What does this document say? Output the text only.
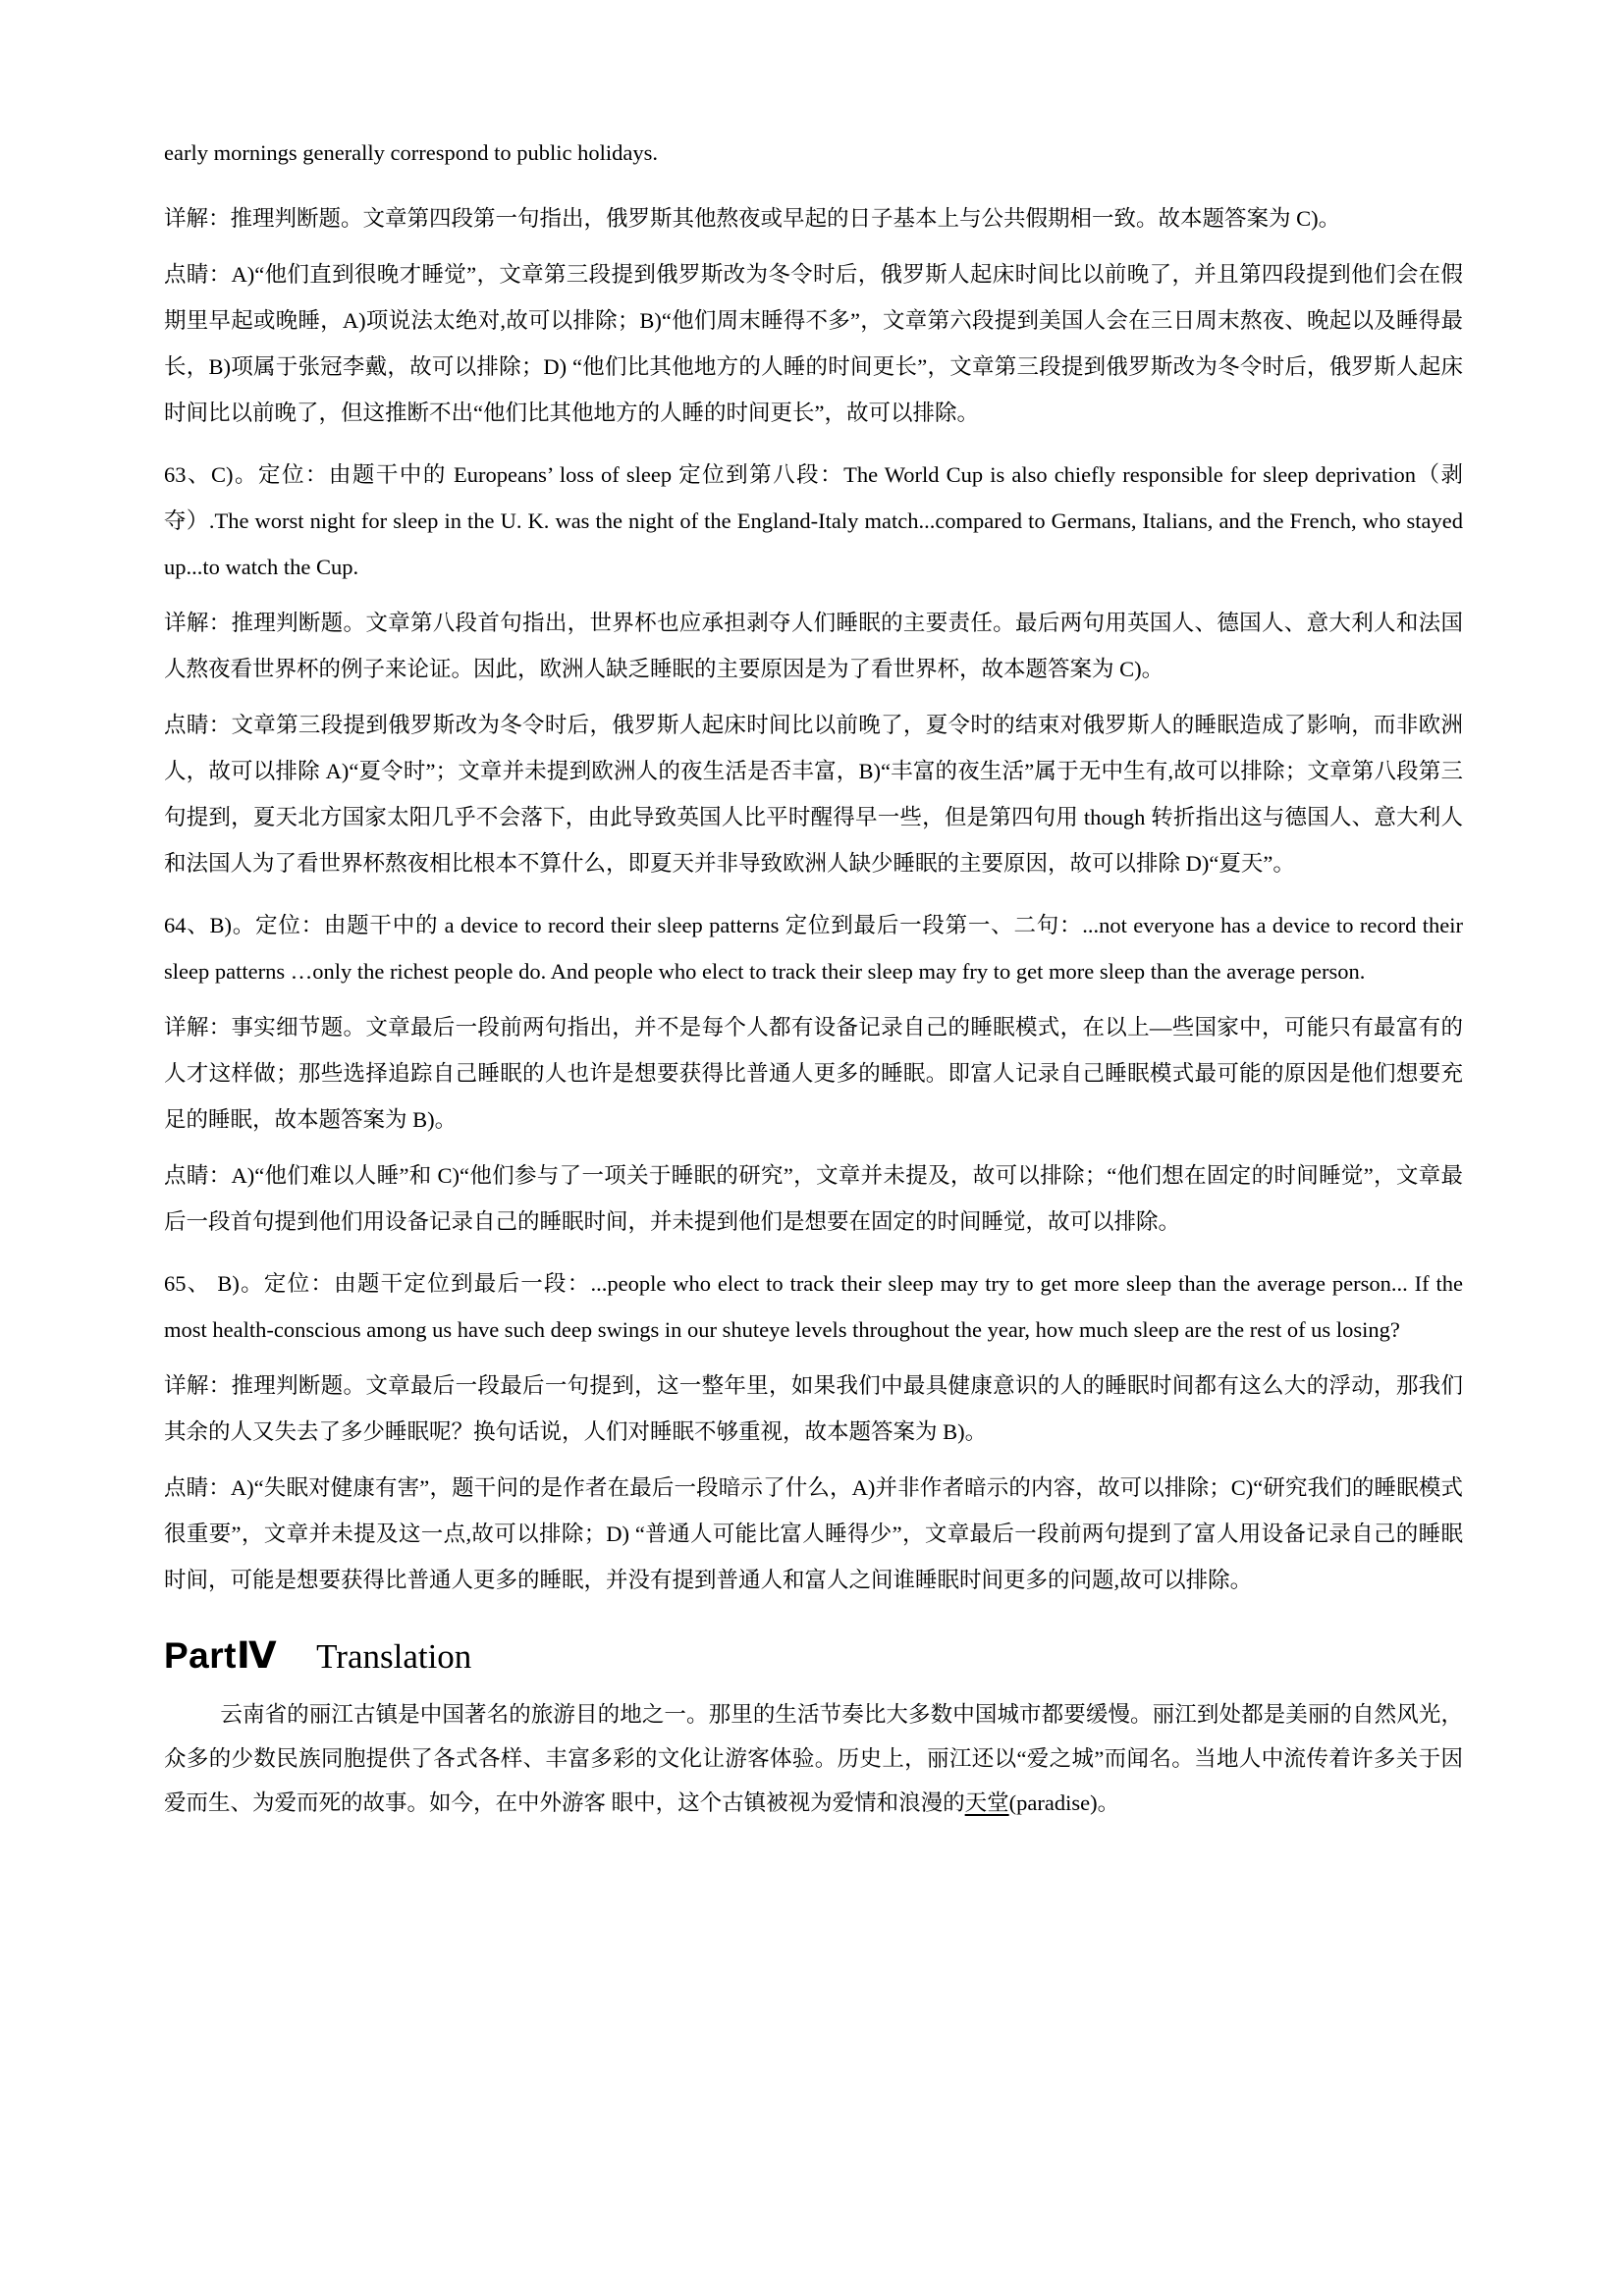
early mornings generally correspond to public holidays.

详解：推理判断题。文章第四段第一句指出，俄罗斯其他熬夜或早起的日子基本上与公共假期相一致。故本题答案为 C)。

点睛：A)“他们直到很晚才睡觉”，文章第三段提到俄罗斯改为冬令时后，俄罗斯人起床时间比以前晚了，并且第四段提到他们会在假期里早起或晚睡，A)项说法太绝对,故可以排除；B)“他们周末睡得不多”，文章第六段提到美国人会在三日周末熬夜、晚起以及睡得最长，B)项属于张冠李戴，故可以排除；D) “他们比其他地方的人睡的时间更长”，文章第三段提到俄罗斯改为冬令时后，俄罗斯人起床时间比以前晚了，但这推断不出“他们比其他地方的人睡的时间更长”，故可以排除。

63、C)。定位：由题干中的 Europeans’ loss of sleep 定位到第八段：The World Cup is also chiefly responsible for sleep deprivation（剥夺）.The worst night for sleep in the U. K. was the night of the England-Italy match...compared to Germans, Italians, and the French, who stayed up...to watch the Cup.

详解：推理判断题。文章第八段首句指出，世界杯也应承担剥夺人们睡眠的主要责任。最后两句用英国人、德国人、意大利人和法国人熬夜看世界杯的例子来论证。因此，欧洲人缺乏睡眠的主要原因是为了看世界杯，故本题答案为 C)。

点睛：文章第三段提到俄罗斯改为冬令时后，俄罗斯人起床时间比以前晚了，夏令时的结束对俄罗斯人的睡眠造成了影响，而非欧洲人，故可以排除 A)“夏令时”；文章并未提到欧洲人的夜生活是否丰富，B)“丰富的夜生活”属于无中生有,故可以排除；文章第八段第三句提到，夏天北方国家太阳几乎不会落下，由此导致英国人比平时醒得早一些，但是第四句用 though 转折指出这与德国人、意大利人和法国人为了看世界杯熬夜相比根本不算什么，即夏天并非导致欧洲人缺少睡眠的主要原因，故可以排除 D)“夏天”。

64、B)。定位：由题干中的 a device to record their sleep patterns 定位到最后一段第一、二句：...not everyone has a device to record their sleep patterns …only the richest people do. And people who elect to track their sleep may fry to get more sleep than the average person.

详解：事实细节题。文章最后一段前两句指出，并不是每个人都有设备记录自己的睡眠模式，在以上—些国家中，可能只有最富有的人才这样做；那些选择追踪自己睡眠的人也许是想要获得比普通人更多的睡眠。即富人记录自己睡眠模式最可能的原因是他们想要充足的睡眠，故本题答案为 B)。

点睛：A)“他们难以人睡”和 C)“他们参与了一项关于睡眠的研究”，文章并未提及，故可以排除；“他们想在固定的时间睡觉”，文章最后一段首句提到他们用设备记录自己的睡眠时间，并未提到他们是想要在固定的时间睡觉，故可以排除。

65、 B)。定位：由题干定位到最后一段：...people who elect to track their sleep may try to get more sleep than the average person... If the most health-conscious among us have such deep swings in our shuteye levels throughout the year, how much sleep are the rest of us losing?

详解：推理判断题。文章最后一段最后一句提到，这一整年里，如果我们中最具健康意识的人的睡眠时间都有这么大的浮动，那我们其余的人又失去了多少睡眠呢？换句话说，人们对睡眠不够重视，故本题答案为 B)。

点睛：A)“失眠对健康有害”，题干问的是作者在最后一段暗示了什么，A)并非作者暗示的内容，故可以排除；C)“研究我们的睡眠模式很重要”，文章并未提及这一点,故可以排除；D) “普通人可能比富人睡得少”，文章最后一段前两句提到了富人用设备记录自己的睡眠时间，可能是想要获得比普通人更多的睡眠，并没有提到普通人和富人之间谁睡眠时间更多的问题,故可以排除。

PartⅣ Translation

云南省的丽江古镇是中国著名的旅游目的地之一。那里的生活节奏比大多数中国城市都要缓慢。丽江到处都是美丽的自然风光，众多的少数民族同胞提供了各式各样、丰富多彩的文化让游客体验。历史上，丽江还以“爱之城”而闻名。当地人中流传着许多关于因爱而生、为爱而死的故事。如今，在中外游客 眼中，这个古镇被视为爱情和浪漫的天堂(paradise)。
